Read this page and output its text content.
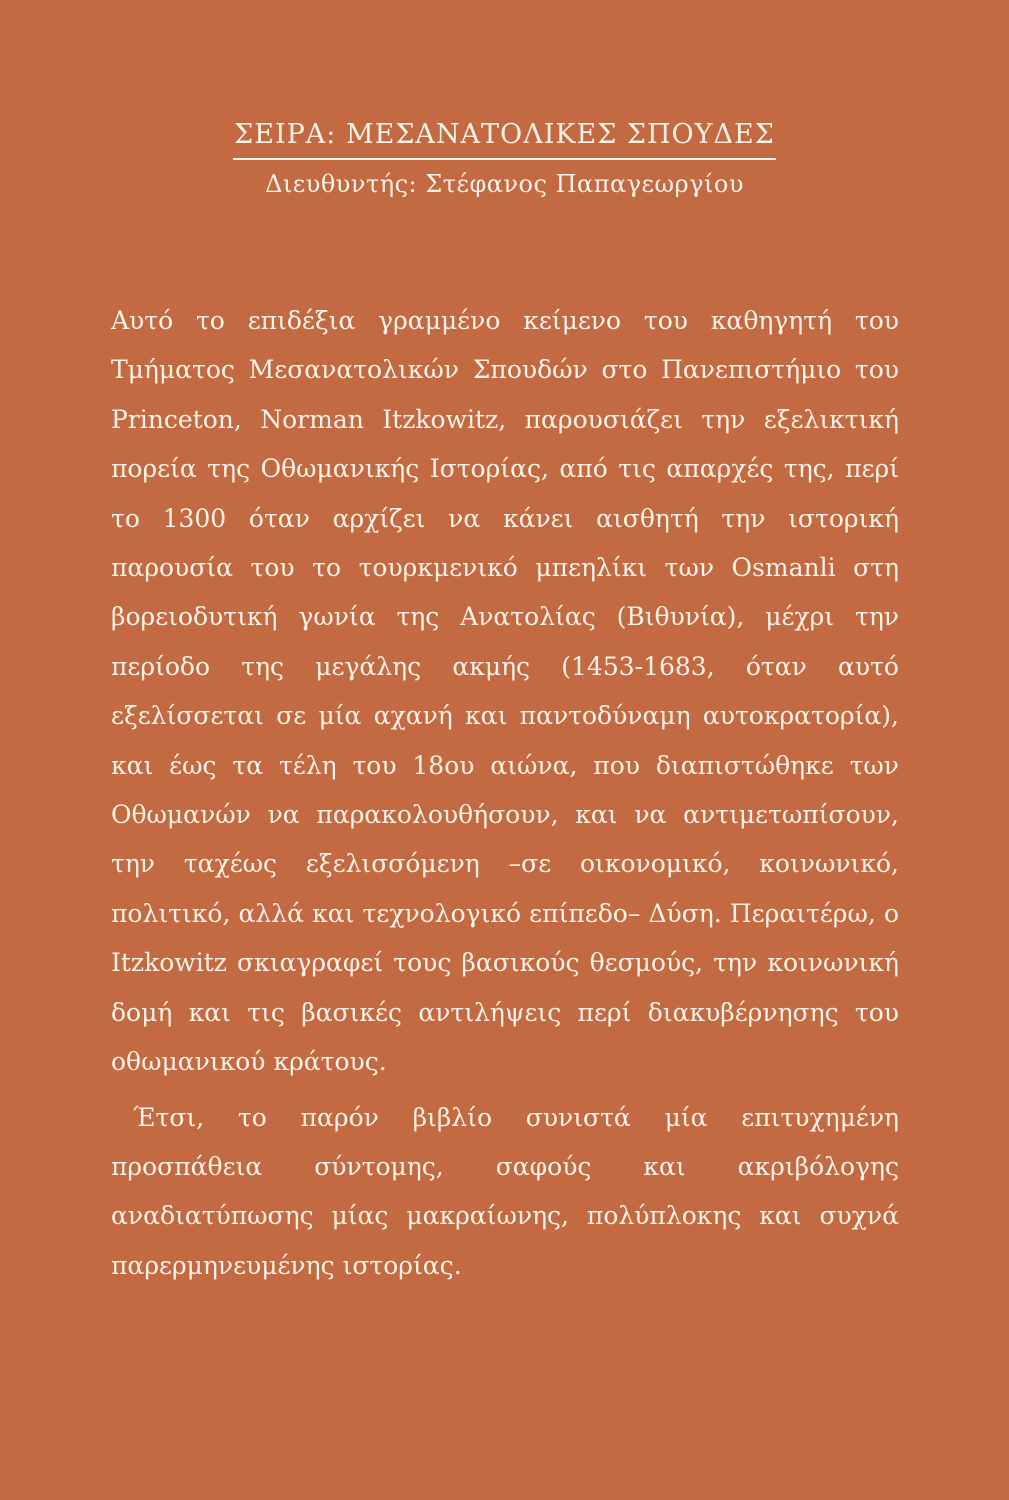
ΣΕΙΡΑ: ΜΕΣΑΝΑΤΟΛΙΚΕΣ ΣΠΟΥΔΕΣ
Διευθυντής: Στέφανος Παπαγεωργίου

Αυτό το επιδέξια γραμμένο κείμενο του καθηγητή του Τμήματος Μεσανατολικών Σπουδών στο Πανεπιστήμιο του Princeton, Norman Itzkowitz, παρουσιάζει την εξελικτική πορεία της Οθωμανικής Ιστορίας, από τις απαρχές της, περί το 1300 όταν αρχίζει να κάνει αισθητή την ιστορική παρουσία του το τουρκμενικό μπεηλίκι των Osmanli στη βορειοδυτική γωνία της Ανατολίας (Βιθυνία), μέχρι την περίοδο της μεγάλης ακμής (1453-1683, όταν αυτό εξελίσσεται σε μία αχανή και παντοδύναμη αυτοκρατορία), και έως τα τέλη του 18ου αιώνα, που διαπιστώθηκε των Οθωμανών να παρακολουθήσουν, και να αντιμετωπίσουν, την ταχέως εξελισσόμενη –σε οικονομικό, κοινωνικό, πολιτικό, αλλά και τεχνολογικό επίπεδο– Δύση. Περαιτέρω, ο Itzkowitz σκιαγραφεί τους βασικούς θεσμούς, την κοινωνική δομή και τις βασικές αντιλήψεις περί διακυβέρνησης του οθωμανικού κράτους.

Έτσι, το παρόν βιβλίο συνιστά μία επιτυχημένη προσπάθεια σύντομης, σαφούς και ακριβόλογης αναδιατύπωσης μίας μακραίωνης, πολύπλοκης και συχνά παρερμηνευμένης ιστορίας.
